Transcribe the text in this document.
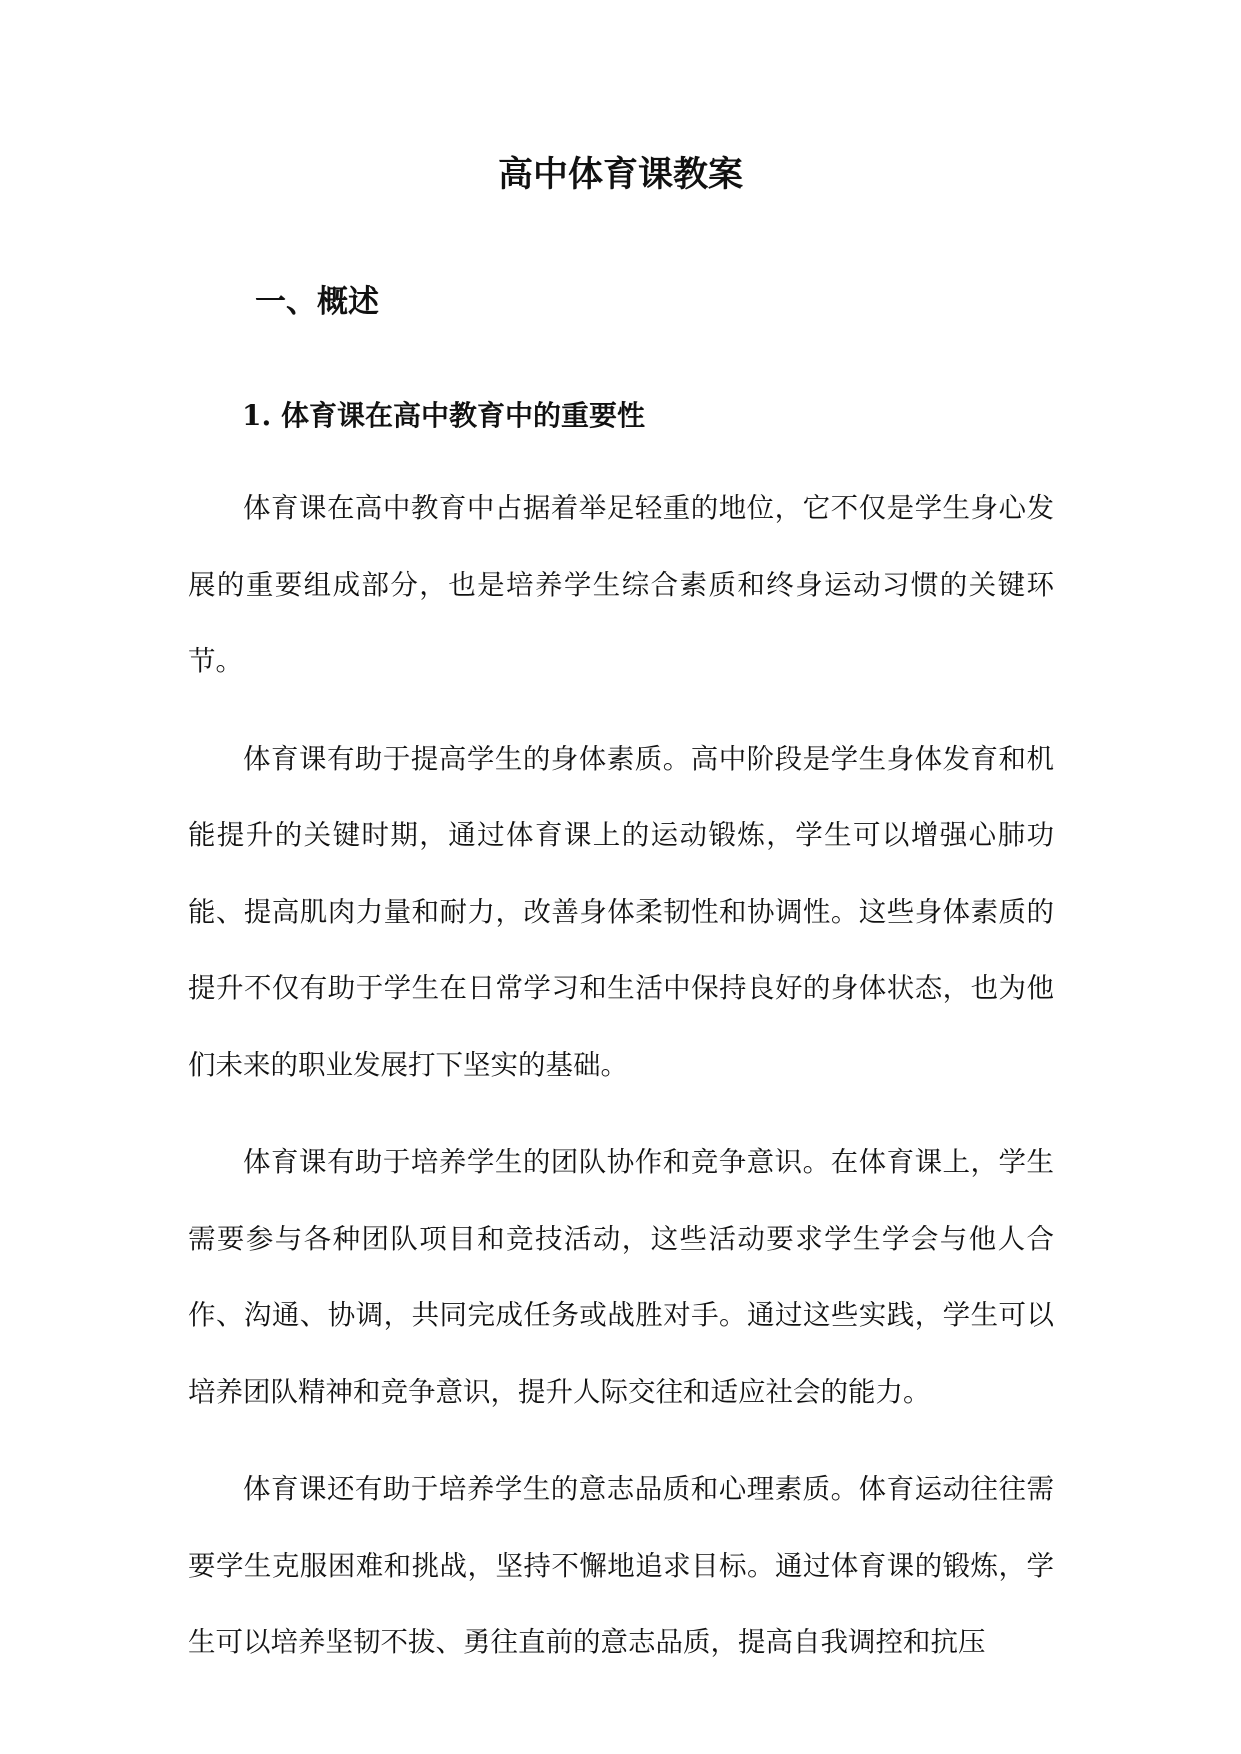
高中体育课教案
一、概述
1. 体育课在高中教育中的重要性

体育课在高中教育中占据着举足轻重的地位，它不仅是学生身心发展的重要组成部分，也是培养学生综合素质和终身运动习惯的关键环节。

体育课有助于提高学生的身体素质。高中阶段是学生身体发育和机能提升的关键时期，通过体育课上的运动锻炼，学生可以增强心肺功能、提高肌肉力量和耐力，改善身体柔韧性和协调性。这些身体素质的提升不仅有助于学生在日常学习和生活中保持良好的身体状态，也为他们未来的职业发展打下坚实的基础。

体育课有助于培养学生的团队协作和竞争意识。在体育课上，学生需要参与各种团队项目和竞技活动，这些活动要求学生学会与他人合作、沟通、协调，共同完成任务或战胜对手。通过这些实践，学生可以培养团队精神和竞争意识，提升人际交往和适应社会的能力。

体育课还有助于培养学生的意志品质和心理素质。体育运动往往需要学生克服困难和挑战，坚持不懈地追求目标。通过体育课的锻炼，学生可以培养坚韧不拔、勇往直前的意志品质，提高自我调控和抗压
